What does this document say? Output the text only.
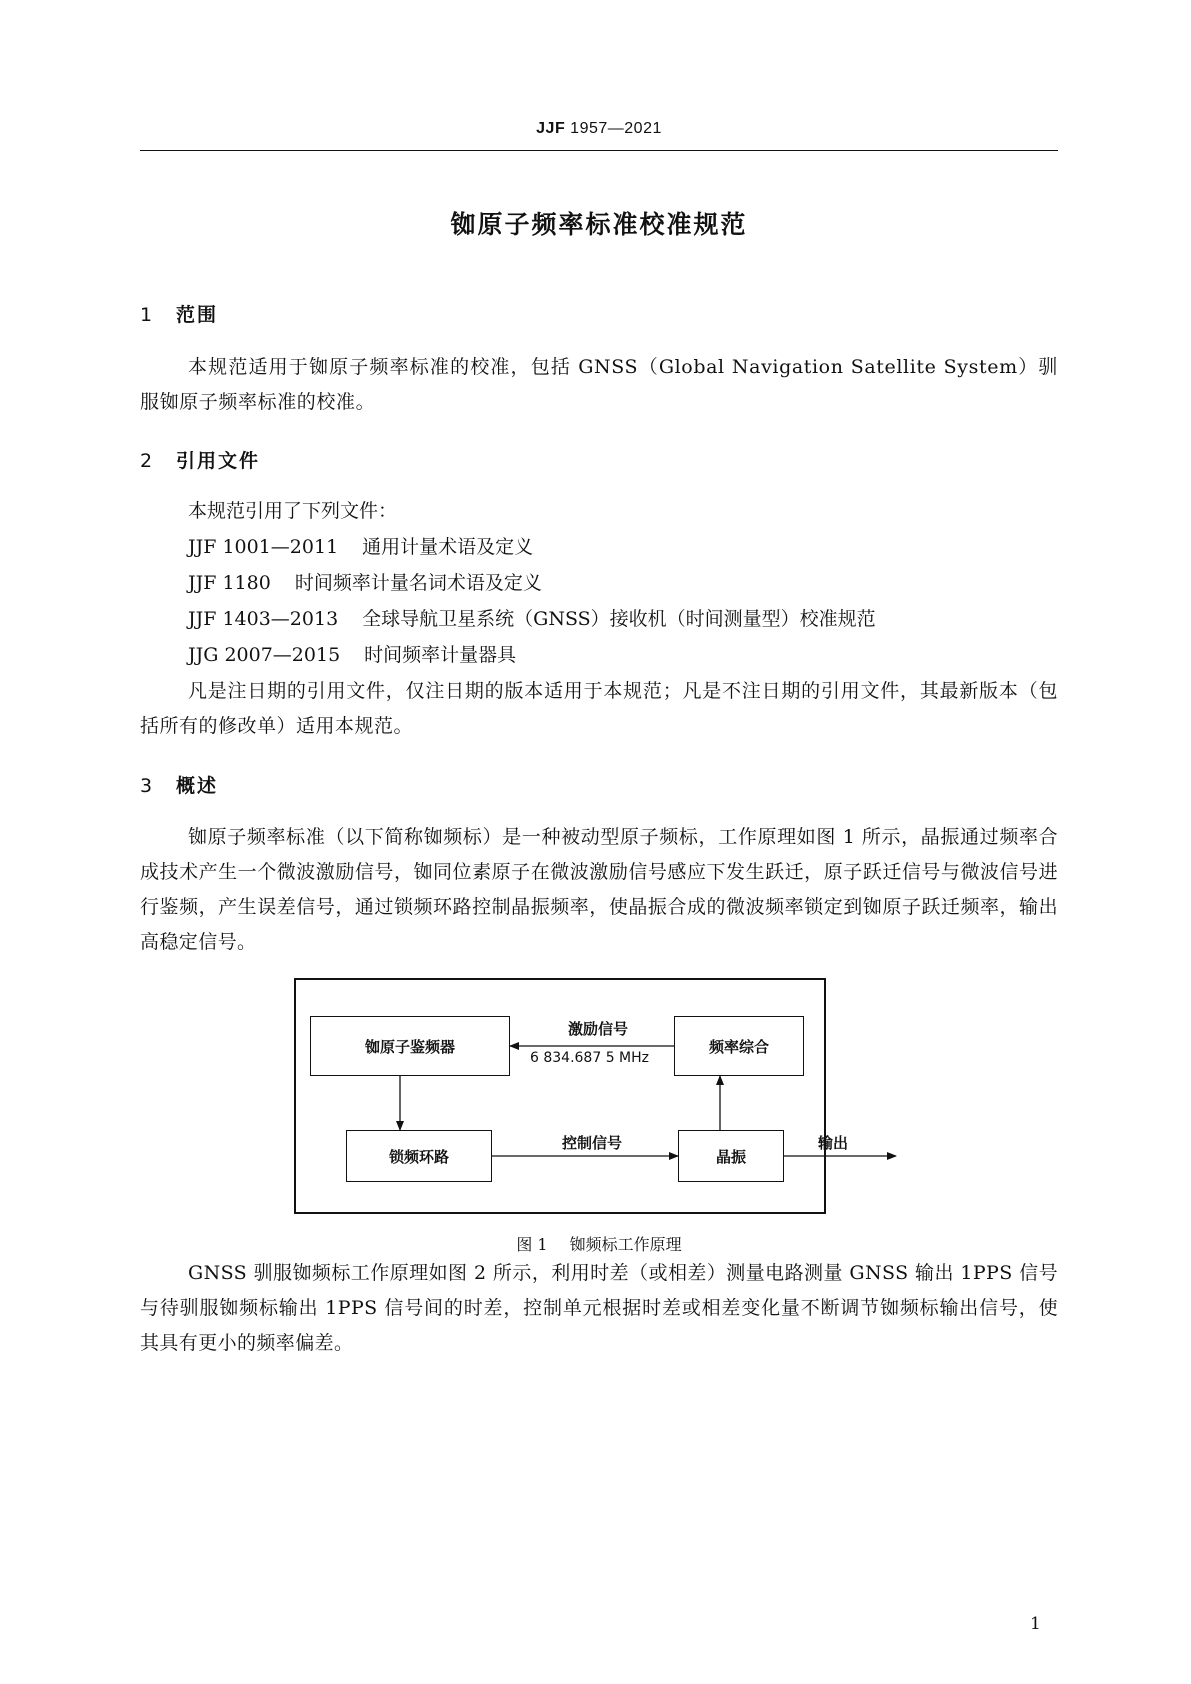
JJF 1957—2021
铷原子频率标准校准规范
1 范围
本规范适用于铷原子频率标准的校准，包括 GNSS（Global Navigation Satellite System）驯服铷原子频率标准的校准。
2 引用文件
本规范引用了下列文件：
JJF 1001—2011 通用计量术语及定义
JJF 1180 时间频率计量名词术语及定义
JJF 1403—2013 全球导航卫星系统（GNSS）接收机（时间测量型）校准规范
JJG 2007—2015 时间频率计量器具
凡是注日期的引用文件，仅注日期的版本适用于本规范；凡是不注日期的引用文件，其最新版本（包括所有的修改单）适用本规范。
3 概述
铷原子频率标准（以下简称铷频标）是一种被动型原子频标，工作原理如图 1 所示，晶振通过频率合成技术产生一个微波激励信号，铷同位素原子在微波激励信号感应下发生跃迁，原子跃迁信号与微波信号进行鉴频，产生误差信号，通过锁频环路控制晶振频率，使晶振合成的微波频率锁定到铷原子跃迁频率，输出高稳定信号。
铷原子鉴频器	频率综合
锁频环路	晶振
激励信号
6 834.687 5 MHz
控制信号	输出
图 1 铷频标工作原理
GNSS 驯服铷频标工作原理如图 2 所示，利用时差（或相差）测量电路测量 GNSS 输出 1PPS 信号与待驯服铷频标输出 1PPS 信号间的时差，控制单元根据时差或相差变化量不断调节铷频标输出信号，使其具有更小的频率偏差。
1
